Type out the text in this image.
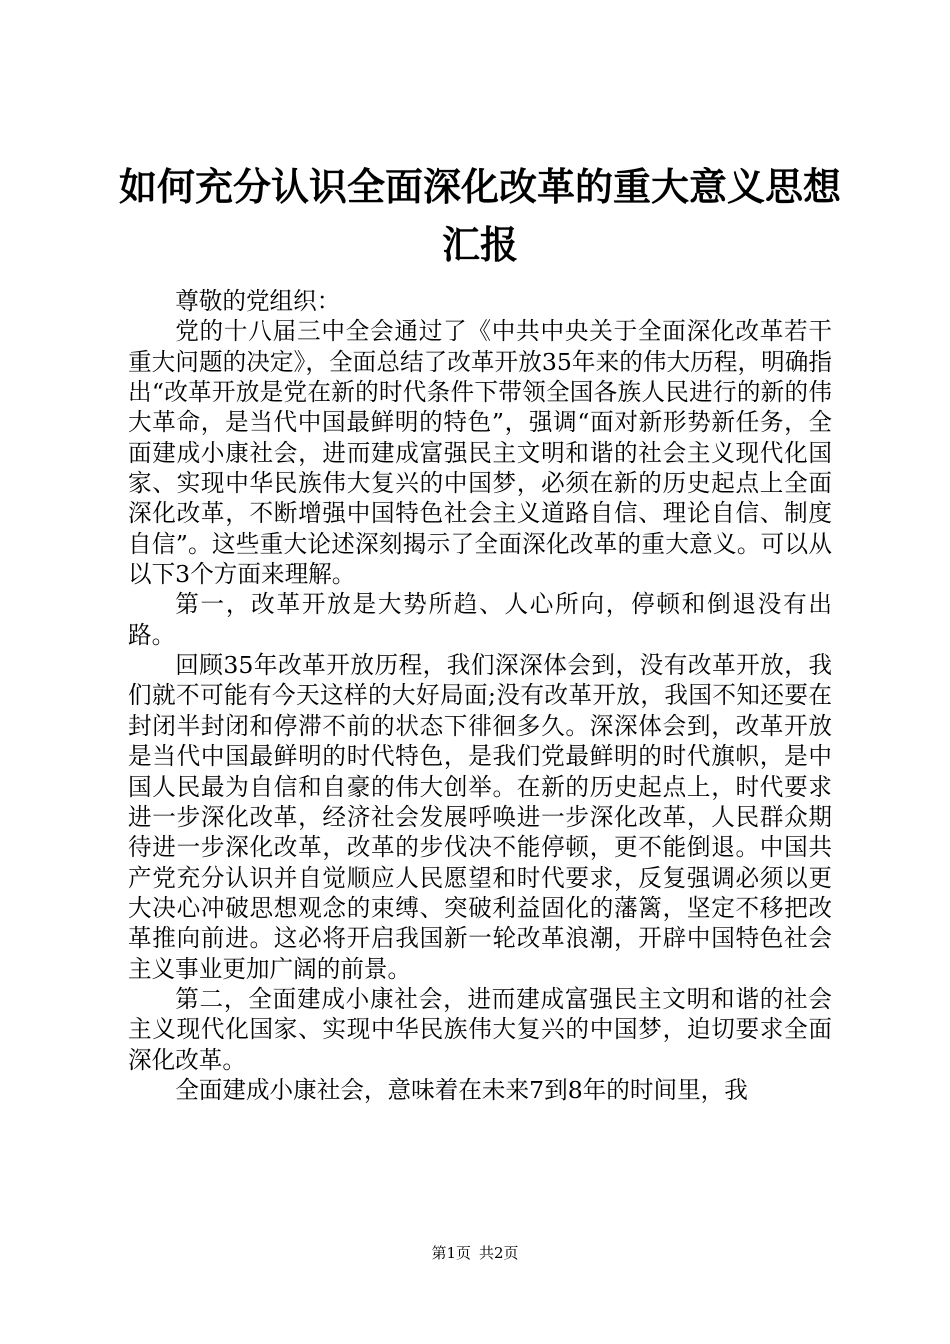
如何充分认识全面深化改革的重大意义思想汇报

尊敬的党组织：

党的十八届三中全会通过了《中共中央关于全面深化改革若干重大问题的决定》，全面总结了改革开放35年来的伟大历程，明确指出“改革开放是党在新的时代条件下带领全国各族人民进行的新的伟大革命，是当代中国最鲜明的特色”，强调“面对新形势新任务，全面建成小康社会，进而建成富强民主文明和谐的社会主义现代化国家、实现中华民族伟大复兴的中国梦，必须在新的历史起点上全面深化改革，不断增强中国特色社会主义道路自信、理论自信、制度自信”。这些重大论述深刻揭示了全面深化改革的重大意义。可以从以下3个方面来理解。

第一，改革开放是大势所趋、人心所向，停顿和倒退没有出路。

回顾35年改革开放历程，我们深深体会到，没有改革开放，我们就不可能有今天这样的大好局面;没有改革开放，我国不知还要在封闭半封闭和停滞不前的状态下徘徊多久。深深体会到，改革开放是当代中国最鲜明的时代特色，是我们党最鲜明的时代旗帜，是中国人民最为自信和自豪的伟大创举。在新的历史起点上，时代要求进一步深化改革，经济社会发展呼唤进一步深化改革，人民群众期待进一步深化改革，改革的步伐决不能停顿，更不能倒退。中国共产党充分认识并自觉顺应人民愿望和时代要求，反复强调必须以更大决心冲破思想观念的束缚、突破利益固化的藩篱，坚定不移把改革推向前进。这必将开启我国新一轮改革浪潮，开辟中国特色社会主义事业更加广阔的前景。

第二，全面建成小康社会，进而建成富强民主文明和谐的社会主义现代化国家、实现中华民族伟大复兴的中国梦，迫切要求全面深化改革。

全面建成小康社会，意味着在未来7到8年的时间里，我

第1页 共2页
